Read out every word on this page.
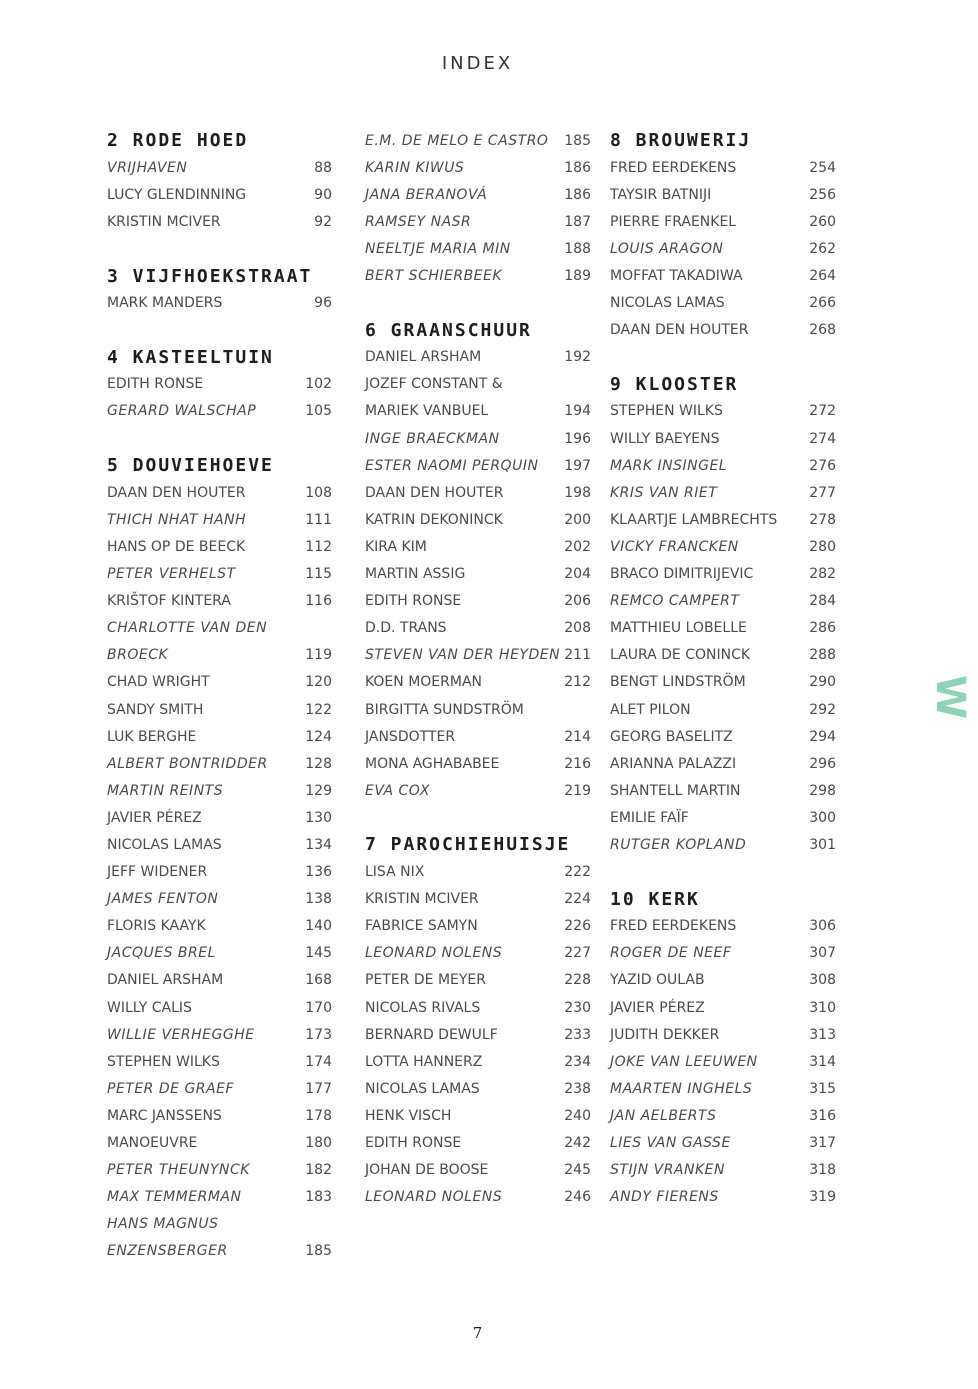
INDEX
2 RODE HOED
VRIJHAVEN	88
LUCY GLENDINNING	90
KRISTIN MCIVER	92
3 VIJFHOEKSTRAAT
MARK MANDERS	96
4 KASTEELTUIN
EDITH RONSE	102
GERARD WALSCHAP	105
5 DOUVIEHOEVE
DAAN DEN HOUTER	108
THICH NHAT HANH	111
HANS OP DE BEECK	112
PETER VERHELST	115
KRIŠTOF KINTERA	116
CHARLOTTE VAN DEN
BROECK	119
CHAD WRIGHT	120
SANDY SMITH	122
LUK BERGHE	124
ALBERT BONTRIDDER	128
MARTIN REINTS	129
JAVIER PÉREZ	130
NICOLAS LAMAS	134
JEFF WIDENER	136
JAMES FENTON	138
FLORIS KAAYK	140
JACQUES BREL	145
DANIEL ARSHAM	168
WILLY CALIS	170
WILLIE VERHEGGHE	173
STEPHEN WILKS	174
PETER DE GRAEF	177
MARC JANSSENS	178
MANOEUVRE	180
PETER THEUNYNCK	182
MAX TEMMERMAN	183
HANS MAGNUS
ENZENSBERGER	185
E.M. DE MELO E CASTRO 185
KARIN KIWUS	186
JANA BERANOVÁ	186
RAMSEY NASR	187
NEELTJE MARIA MIN	188
BERT SCHIERBEEK	189
6 GRAANSCHUUR
DANIEL ARSHAM	192
JOZEF CONSTANT &
MARIEK VANBUEL	194
INGE BRAECKMAN	196
ESTER NAOMI PERQUIN 197
DAAN DEN HOUTER	198
KATRIN DEKONINCK	200
KIRA KIM	202
MARTIN ASSIG	204
EDITH RONSE	206
D.D. TRANS	208
STEVEN VAN DER HEYDEN 211
KOEN MOERMAN	212
BIRGITTA SUNDSTRÖM
JANSDOTTER	214
MONA AGHABABEE	216
EVA COX	219
7 PAROCHIEHUISJE
LISA NIX	222
KRISTIN MCIVER	224
FABRICE SAMYN	226
LEONARD NOLENS	227
PETER DE MEYER	228
NICOLAS RIVALS	230
BERNARD DEWULF	233
LOTTA HANNERZ	234
NICOLAS LAMAS	238
HENK VISCH	240
EDITH RONSE	242
JOHAN DE BOOSE	245
LEONARD NOLENS	246
8 BROUWERIJ
FRED EERDEKENS	254
TAYSIR BATNIJI	256
PIERRE FRAENKEL	260
LOUIS ARAGON	262
MOFFAT TAKADIWA	264
NICOLAS LAMAS	266
DAAN DEN HOUTER	268
9 KLOOSTER
STEPHEN WILKS	272
WILLY BAEYENS	274
MARK INSINGEL	276
KRIS VAN RIET	277
KLAARTJE LAMBRECHTS 278
VICKY FRANCKEN	280
BRACO DIMITRIJEVIC	282
REMCO CAMPERT	284
MATTHIEU LOBELLE	286
LAURA DE CONINCK	288
BENGT LINDSTRÖM	290
ALET PILON	292
GEORG BASELITZ	294
ARIANNA PALAZZI	296
SHANTELL MARTIN	298
EMILIE FAÏF	300
RUTGER KOPLAND	301
10 KERK
FRED EERDEKENS	306
ROGER DE NEEF	307
YAZID OULAB	308
JAVIER PÉREZ	310
JUDITH DEKKER	313
JOKE VAN LEEUWEN	314
MAARTEN INGHELS	315
JAN AELBERTS	316
LIES VAN GASSE	317
STIJN VRANKEN	318
ANDY FIERENS	319
W
7
